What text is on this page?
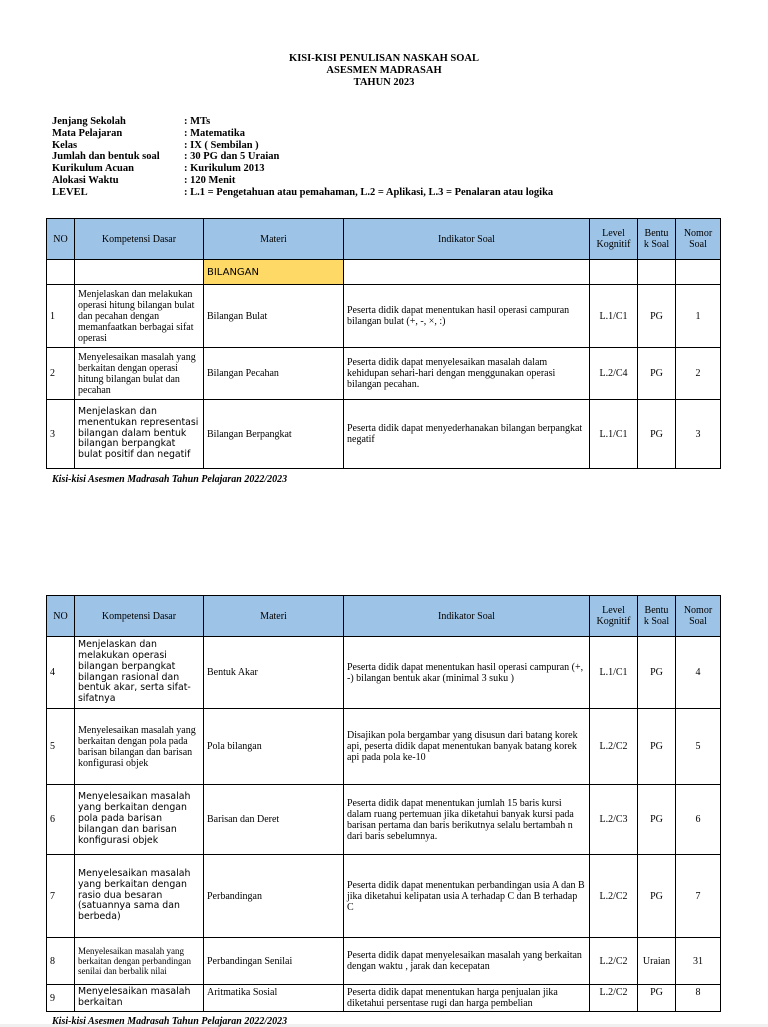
KISI-KISI PENULISAN NASKAH SOAL
ASESMEN MADRASAH
TAHUN 2023
Jenjang Sekolah	: MTs
Mata Pelajaran	: Matematika
Kelas	: IX ( Sembilan )
Jumlah dan bentuk soal	: 30 PG dan 5 Uraian
Kurikulum Acuan	: Kurikulum 2013
Alokasi Waktu	: 120 Menit
LEVEL	: L.1 = Pengetahuan atau pemahaman, L.2 = Aplikasi, L.3 = Penalaran atau logika
NO	Kompetensi Dasar	Materi	Indikator Soal	Level Kognitif	Bentu k Soal	Nomor Soal
		BILANGAN				
1	Menjelaskan dan melakukan operasi hitung bilangan bulat dan pecahan dengan memanfaatkan berbagai sifat operasi	Bilangan Bulat	Peserta didik dapat menentukan hasil operasi campuran bilangan bulat (+, -, ×, :)	L.1/C1	PG	1
2	Menyelesaikan masalah yang berkaitan dengan operasi hitung bilangan bulat dan pecahan	Bilangan Pecahan	Peserta didik dapat menyelesaikan masalah dalam kehidupan sehari-hari dengan menggunakan operasi bilangan pecahan.	L.2/C4	PG	2
3	Menjelaskan dan menentukan representasi bilangan dalam bentuk bilangan berpangkat bulat positif dan negatif	Bilangan Berpangkat	Peserta didik dapat menyederhanakan bilangan berpangkat negatif	L.1/C1	PG	3
Kisi-kisi Asesmen Madrasah Tahun Pelajaran 2022/2023
NO	Kompetensi Dasar	Materi	Indikator Soal	Level Kognitif	Bentu k Soal	Nomor Soal
4	Menjelaskan dan melakukan operasi bilangan berpangkat bilangan rasional dan bentuk akar, serta sifat-sifatnya	Bentuk Akar	Peserta didik dapat menentukan hasil operasi campuran (+, -) bilangan bentuk akar (minimal 3 suku )	L.1/C1	PG	4
5	Menyelesaikan masalah yang berkaitan dengan pola pada barisan bilangan dan barisan konfigurasi objek	Pola bilangan	Disajikan pola bergambar yang disusun dari batang korek api, peserta didik dapat menentukan banyak batang korek api pada pola ke-10	L.2/C2	PG	5
6	Menyelesaikan masalah yang berkaitan dengan pola pada barisan bilangan dan barisan konfigurasi objek	Barisan dan Deret	Peserta didik dapat menentukan jumlah 15 baris kursi dalam ruang pertemuan jika diketahui banyak kursi pada barisan pertama dan baris berikutnya selalu bertambah n dari baris sebelumnya.	L.2/C3	PG	6
7	Menyelesaikan masalah yang berkaitan dengan rasio dua besaran (satuannya sama dan berbeda)	Perbandingan	Peserta didik dapat menentukan perbandingan usia A dan B jika diketahui kelipatan usia A terhadap C dan B terhadap C	L.2/C2	PG	7
8	Menyelesaikan masalah yang berkaitan dengan perbandingan senilai dan berbalik nilai	Perbandingan Senilai	Peserta didik dapat menyelesaikan masalah yang berkaitan dengan waktu , jarak dan kecepatan	L.2/C2	Uraian	31
9	Menyelesaikan masalah berkaitan	Aritmatika Sosial	Peserta didik dapat menentukan harga penjualan jika diketahui persentase rugi dan harga pembelian	L.2/C2	PG	8
Kisi-kisi Asesmen Madrasah Tahun Pelajaran 2022/2023
